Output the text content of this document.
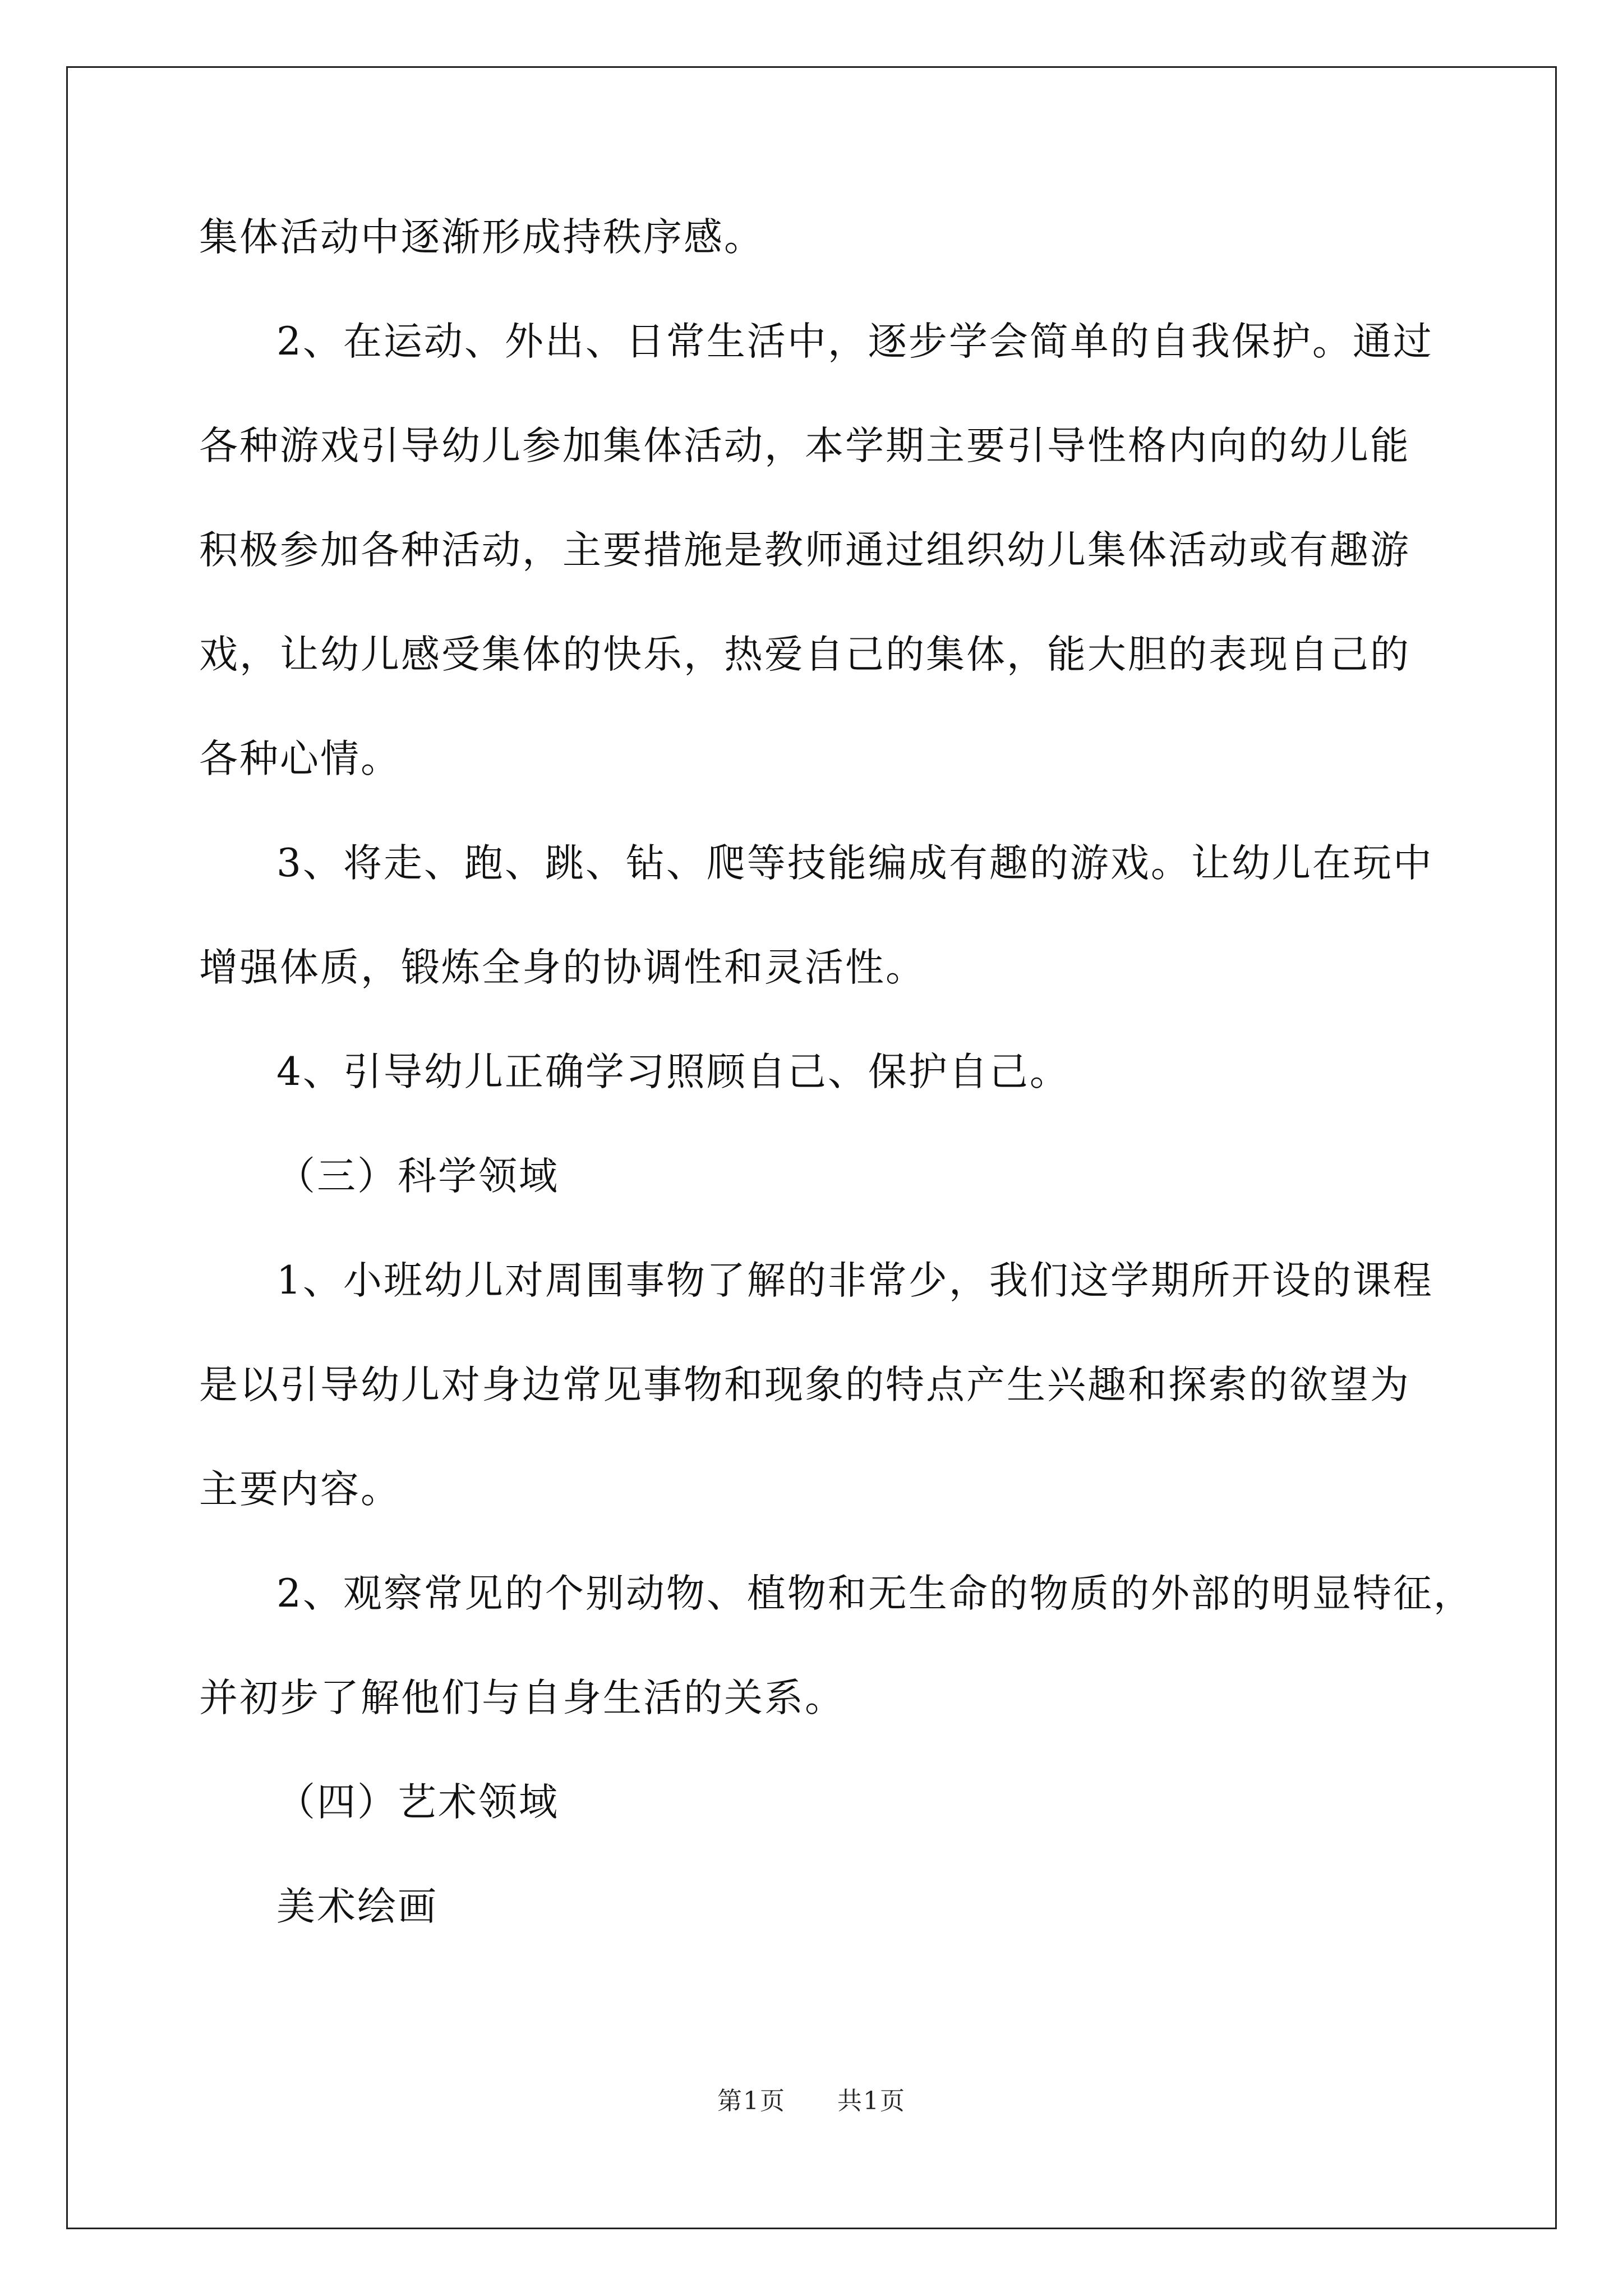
集体活动中逐渐形成持秩序感。
2、在运动、外出、日常生活中，逐步学会简单的自我保护。通过
各种游戏引导幼儿参加集体活动，本学期主要引导性格内向的幼儿能
积极参加各种活动，主要措施是教师通过组织幼儿集体活动或有趣游
戏，让幼儿感受集体的快乐，热爱自己的集体，能大胆的表现自己的
各种心情。
3、将走、跑、跳、钻、爬等技能编成有趣的游戏。让幼儿在玩中
增强体质，锻炼全身的协调性和灵活性。
4、引导幼儿正确学习照顾自己、保护自己。
（三）科学领域
1、小班幼儿对周围事物了解的非常少，我们这学期所开设的课程
是以引导幼儿对身边常见事物和现象的特点产生兴趣和探索的欲望为
主要内容。
2、观察常见的个别动物、植物和无生命的物质的外部的明显特征，
并初步了解他们与自身生活的关系。
（四）艺术领域
美术绘画
第1页 共1页
